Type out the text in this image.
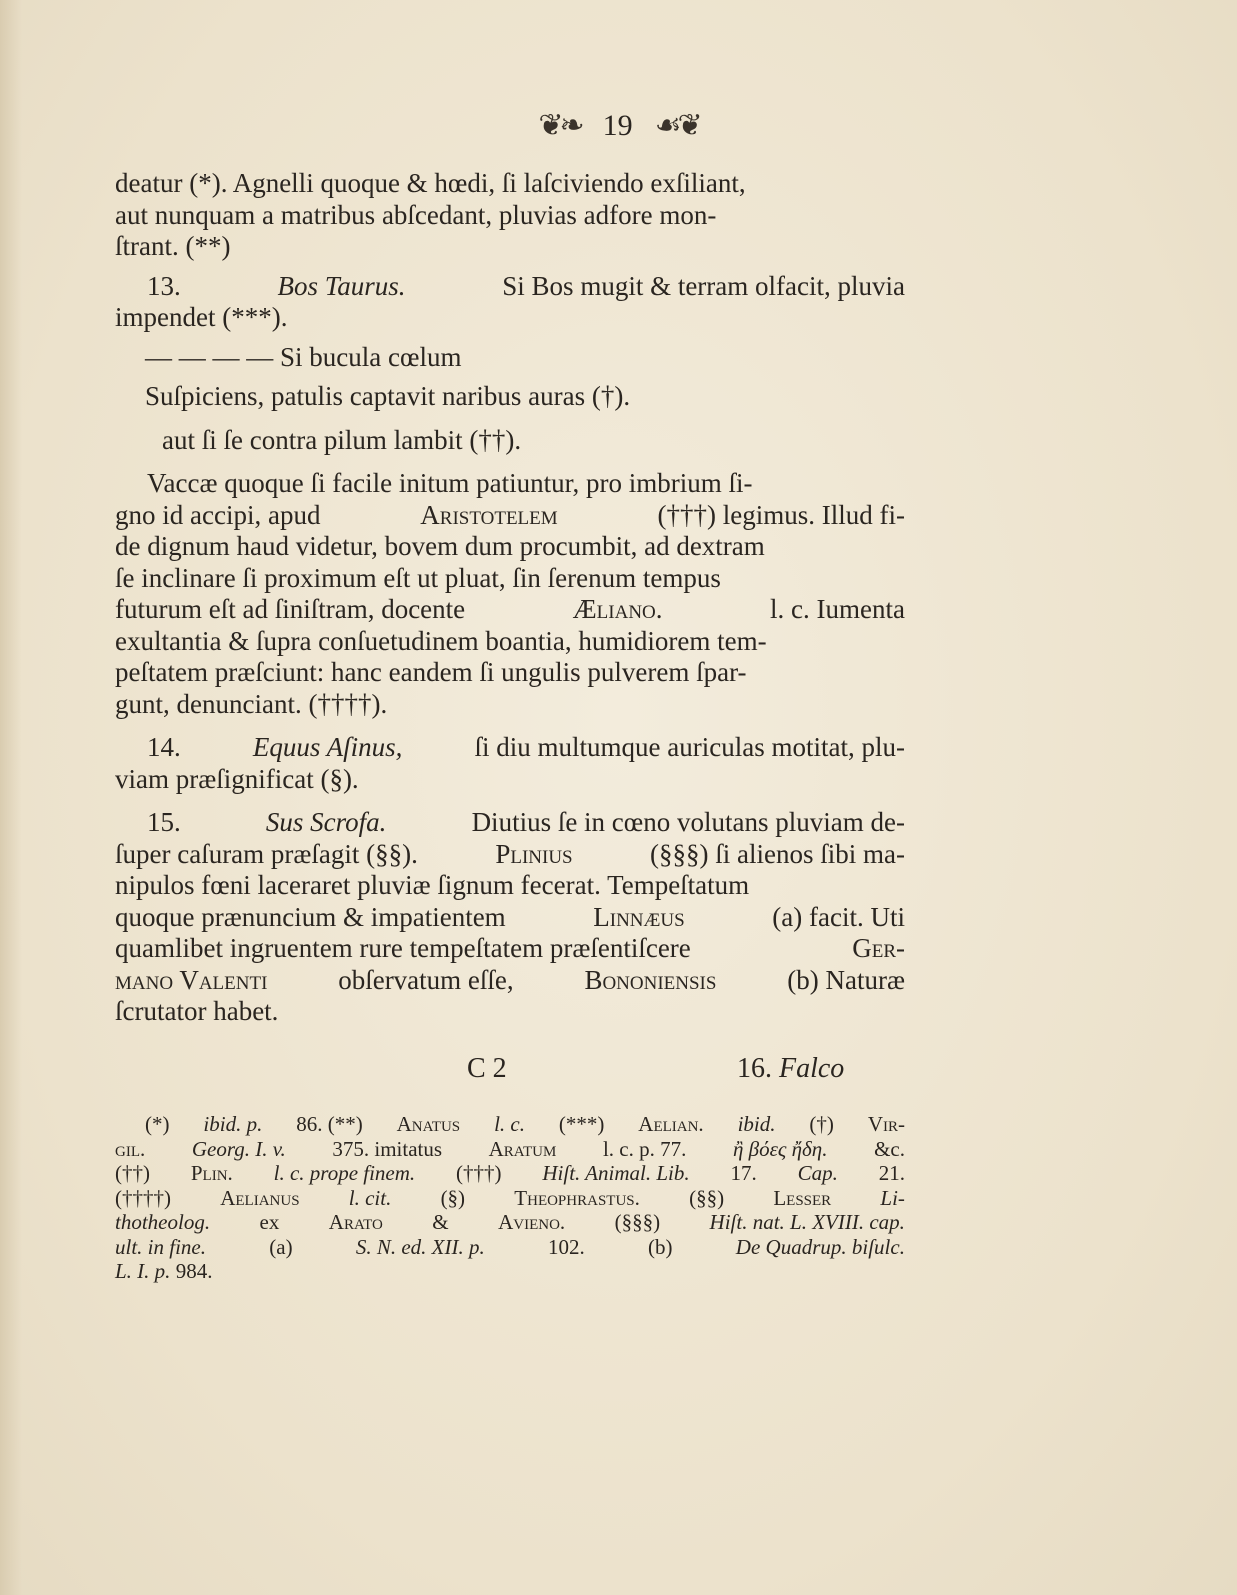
❦❧ 19 ☙❦
deatur (*). Agnelli quoque & hœdi, ſi laſciviendo exſiliant,
aut nunquam a matribus abſcedant, pluvias adfore mon-
ſtrant. (**)
13.	Bos Taurus.	Si Bos mugit & terram olfacit, pluvia
impendet (***).
— — — — Si bucula cœlum
Suſpiciens, patulis captavit naribus auras (†).
aut ſi ſe contra pilum lambit (††).
Vaccæ quoque ſi facile initum patiuntur, pro imbrium ſi-
gno id accipi, apud	Aristotelem	(†††) legimus. Illud fi-
de dignum haud videtur, bovem dum procumbit, ad dextram
ſe inclinare ſi proximum eſt ut pluat, ſin ſerenum tempus
futurum eſt ad ſiniſtram, docente	Æliano.	l. c. Iumenta
exultantia & ſupra conſuetudinem boantia, humidiorem tem-
peſtatem præſciunt: hanc eandem ſi ungulis pulverem ſpar-
gunt, denunciant. (††††).
14.	Equus Aſinus,	ſi diu multumque auriculas motitat, plu-
viam præſignificat (§).
15.	Sus Scrofa.	Diutius ſe in cœno volutans pluviam de-
ſuper caſuram præſagit (§§).	Plinius	(§§§) ſi alienos ſibi ma-
nipulos fœni laceraret pluviæ ſignum fecerat. Tempeſtatum
quoque prænuncium & impatientem	Linnæus	(a) facit. Uti
quamlibet ingruentem rure tempeſtatem præſentiſcere	Ger-
mano Valenti	obſervatum eſſe,	Bononiensis	(b) Naturæ
ſcrutator habet.
C 2	16. Falco
(*) ibid. p. 86. (**) Anatus l. c. (***) Aelian. ibid. (†) Vir-
gil. Georg. I. v. 375. imitatus Aratum l. c. p. 77. ἢ βόες ἤδη. &c.
(††) Plin. l. c. prope finem. (†††) Hiſt. Animal. Lib. 17. Cap. 21.
(††††) Aelianus l. cit. (§) Theophrastus. (§§) Lesser Li-
thotheolog. ex Arato & Avieno. (§§§) Hiſt. nat. L. XVIII. cap.
ult. in fine.	(a)	S. N. ed. XII. p.	102.	(b)	De Quadrup. biſulc.
L. I. p.
984.
